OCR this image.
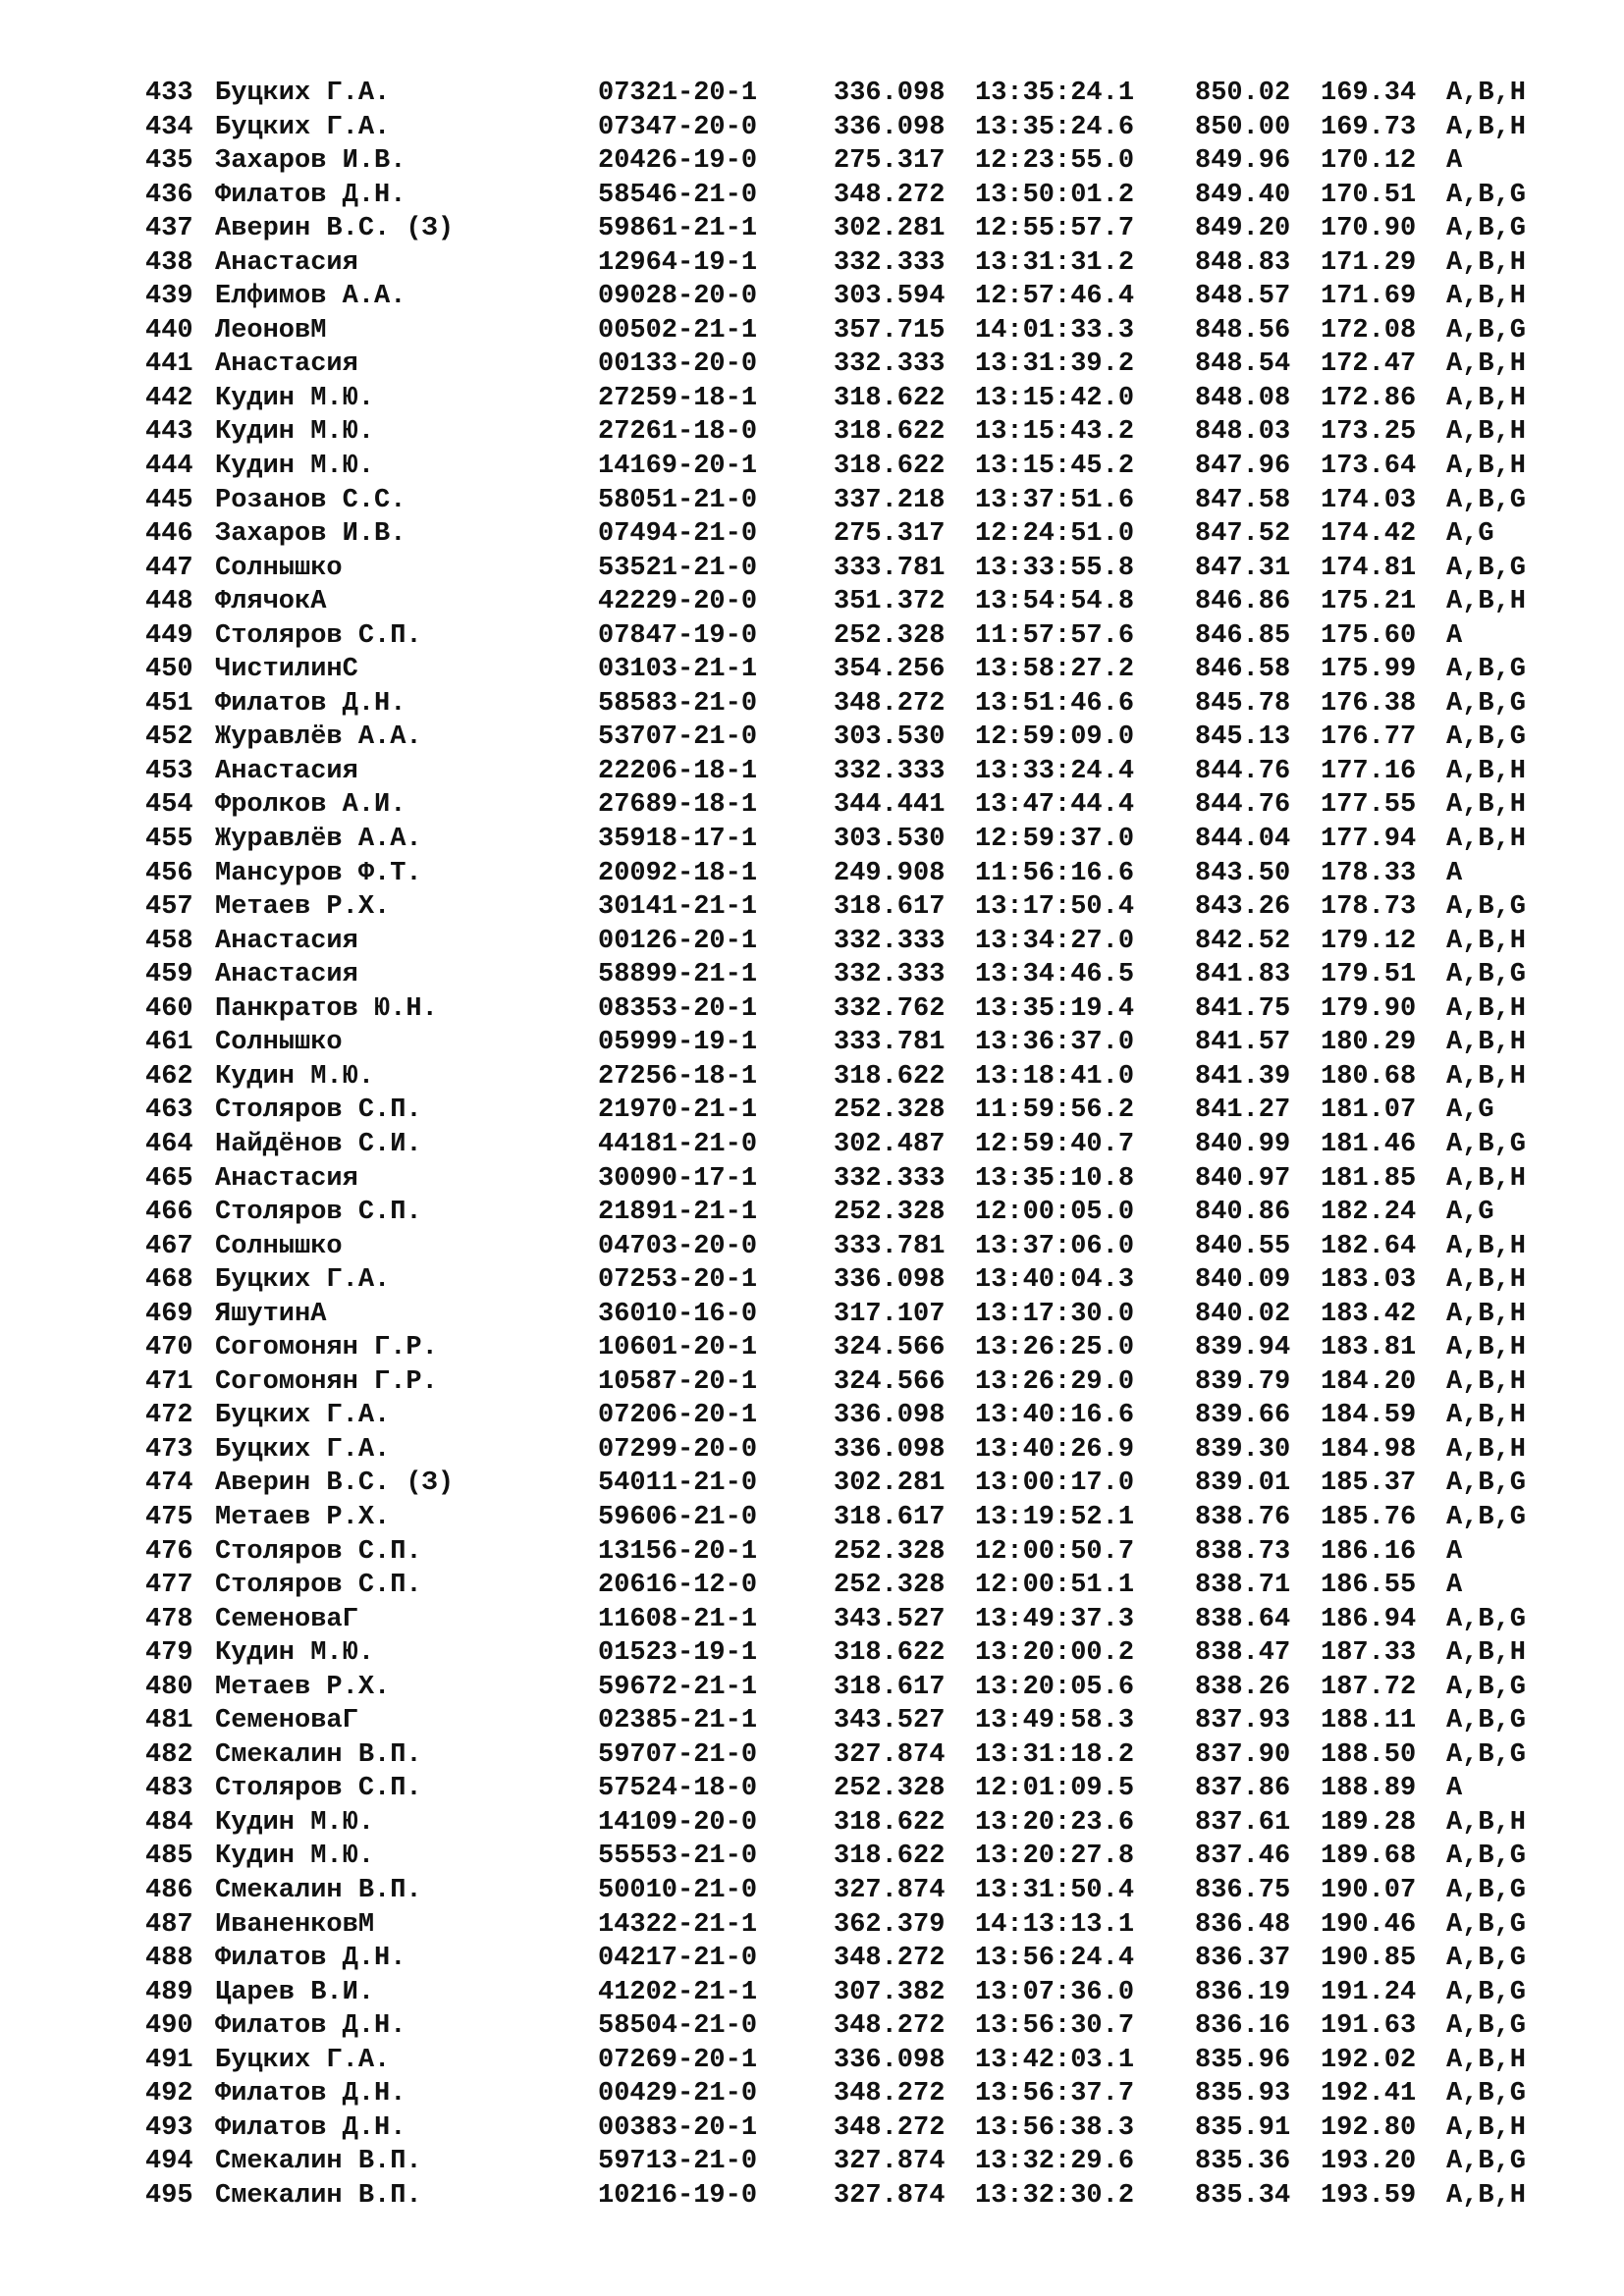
433 Буцких Г.А.	07321-20-1	336.098 13:35:24.1 850.02 169.34 A,B,H
434 Буцких Г.А.	07347-20-0	336.098 13:35:24.6 850.00 169.73 A,B,H
435 Захаров И.В.	20426-19-0	275.317 12:23:55.0 849.96 170.12 A
436 Филатов Д.Н.	58546-21-0	348.272 13:50:01.2 849.40 170.51 A,B,G
437 Аверин В.С. (З)	59861-21-1	302.281 12:55:57.7 849.20 170.90 A,B,G
438 Анастасия	12964-19-1	332.333 13:31:31.2 848.83 171.29 A,B,H
439 Елфимов А.А.	09028-20-0	303.594 12:57:46.4 848.57 171.69 A,B,H
440 ЛеоновМ	00502-21-1	357.715 14:01:33.3 848.56 172.08 A,B,G
441 Анастасия	00133-20-0	332.333 13:31:39.2 848.54 172.47 A,B,H
442 Кудин М.Ю.	27259-18-1	318.622 13:15:42.0 848.08 172.86 A,B,H
443 Кудин М.Ю.	27261-18-0	318.622 13:15:43.2 848.03 173.25 A,B,H
444 Кудин М.Ю.	14169-20-1	318.622 13:15:45.2 847.96 173.64 A,B,H
445 Розанов С.С.	58051-21-0	337.218 13:37:51.6 847.58 174.03 A,B,G
446 Захаров И.В.	07494-21-0	275.317 12:24:51.0 847.52 174.42 A,G
447 Солнышко	53521-21-0	333.781 13:33:55.8 847.31 174.81 A,B,G
448 ФлячокА	42229-20-0	351.372 13:54:54.8 846.86 175.21 A,B,H
449 Столяров С.П.	07847-19-0	252.328 11:57:57.6 846.85 175.60 A
450 ЧистилинС	03103-21-1	354.256 13:58:27.2 846.58 175.99 A,B,G
451 Филатов Д.Н.	58583-21-0	348.272 13:51:46.6 845.78 176.38 A,B,G
452 Журавлёв А.А.	53707-21-0	303.530 12:59:09.0 845.13 176.77 A,B,G
453 Анастасия	22206-18-1	332.333 13:33:24.4 844.76 177.16 A,B,H
454 Фролков А.И.	27689-18-1	344.441 13:47:44.4 844.76 177.55 A,B,H
455 Журавлёв А.А.	35918-17-1	303.530 12:59:37.0 844.04 177.94 A,B,H
456 Мансуров Ф.Т.	20092-18-1	249.908 11:56:16.6 843.50 178.33 A
457 Метаев Р.Х.	30141-21-1	318.617 13:17:50.4 843.26 178.73 A,B,G
458 Анастасия	00126-20-1	332.333 13:34:27.0 842.52 179.12 A,B,H
459 Анастасия	58899-21-1	332.333 13:34:46.5 841.83 179.51 A,B,G
460 Панкратов Ю.Н.	08353-20-1	332.762 13:35:19.4 841.75 179.90 A,B,H
461 Солнышко	05999-19-1	333.781 13:36:37.0 841.57 180.29 A,B,H
462 Кудин М.Ю.	27256-18-1	318.622 13:18:41.0 841.39 180.68 A,B,H
463 Столяров С.П.	21970-21-1	252.328 11:59:56.2 841.27 181.07 A,G
464 Найдёнов С.И.	44181-21-0	302.487 12:59:40.7 840.99 181.46 A,B,G
465 Анастасия	30090-17-1	332.333 13:35:10.8 840.97 181.85 A,B,H
466 Столяров С.П.	21891-21-1	252.328 12:00:05.0 840.86 182.24 A,G
467 Солнышко	04703-20-0	333.781 13:37:06.0 840.55 182.64 A,B,H
468 Буцких Г.А.	07253-20-1	336.098 13:40:04.3 840.09 183.03 A,B,H
469 ЯшутинА	36010-16-0	317.107 13:17:30.0 840.02 183.42 A,B,H
470 Согомонян Г.Р.	10601-20-1	324.566 13:26:25.0 839.94 183.81 A,B,H
471 Согомонян Г.Р.	10587-20-1	324.566 13:26:29.0 839.79 184.20 A,B,H
472 Буцких Г.А.	07206-20-1	336.098 13:40:16.6 839.66 184.59 A,B,H
473 Буцких Г.А.	07299-20-0	336.098 13:40:26.9 839.30 184.98 A,B,H
474 Аверин В.С. (З)	54011-21-0	302.281 13:00:17.0 839.01 185.37 A,B,G
475 Метаев Р.Х.	59606-21-0	318.617 13:19:52.1 838.76 185.76 A,B,G
476 Столяров С.П.	13156-20-1	252.328 12:00:50.7 838.73 186.16 A
477 Столяров С.П.	20616-12-0	252.328 12:00:51.1 838.71 186.55 A
478 СеменоваГ	11608-21-1	343.527 13:49:37.3 838.64 186.94 A,B,G
479 Кудин М.Ю.	01523-19-1	318.622 13:20:00.2 838.47 187.33 A,B,H
480 Метаев Р.Х.	59672-21-1	318.617 13:20:05.6 838.26 187.72 A,B,G
481 СеменоваГ	02385-21-1	343.527 13:49:58.3 837.93 188.11 A,B,G
482 Смекалин В.П.	59707-21-0	327.874 13:31:18.2 837.90 188.50 A,B,G
483 Столяров С.П.	57524-18-0	252.328 12:01:09.5 837.86 188.89 A
484 Кудин М.Ю.	14109-20-0	318.622 13:20:23.6 837.61 189.28 A,B,H
485 Кудин М.Ю.	55553-21-0	318.622 13:20:27.8 837.46 189.68 A,B,G
486 Смекалин В.П.	50010-21-0	327.874 13:31:50.4 836.75 190.07 A,B,G
487 ИваненковМ	14322-21-1	362.379 14:13:13.1 836.48 190.46 A,B,G
488 Филатов Д.Н.	04217-21-0	348.272 13:56:24.4 836.37 190.85 A,B,G
489 Царев В.И.	41202-21-1	307.382 13:07:36.0 836.19 191.24 A,B,G
490 Филатов Д.Н.	58504-21-0	348.272 13:56:30.7 836.16 191.63 A,B,G
491 Буцких Г.А.	07269-20-1	336.098 13:42:03.1 835.96 192.02 A,B,H
492 Филатов Д.Н.	00429-21-0	348.272 13:56:37.7 835.93 192.41 A,B,G
493 Филатов Д.Н.	00383-20-1	348.272 13:56:38.3 835.91 192.80 A,B,H
494 Смекалин В.П.	59713-21-0	327.874 13:32:29.6 835.36 193.20 A,B,G
495 Смекалин В.П.	10216-19-0	327.874 13:32:30.2 835.34 193.59 A,B,H
